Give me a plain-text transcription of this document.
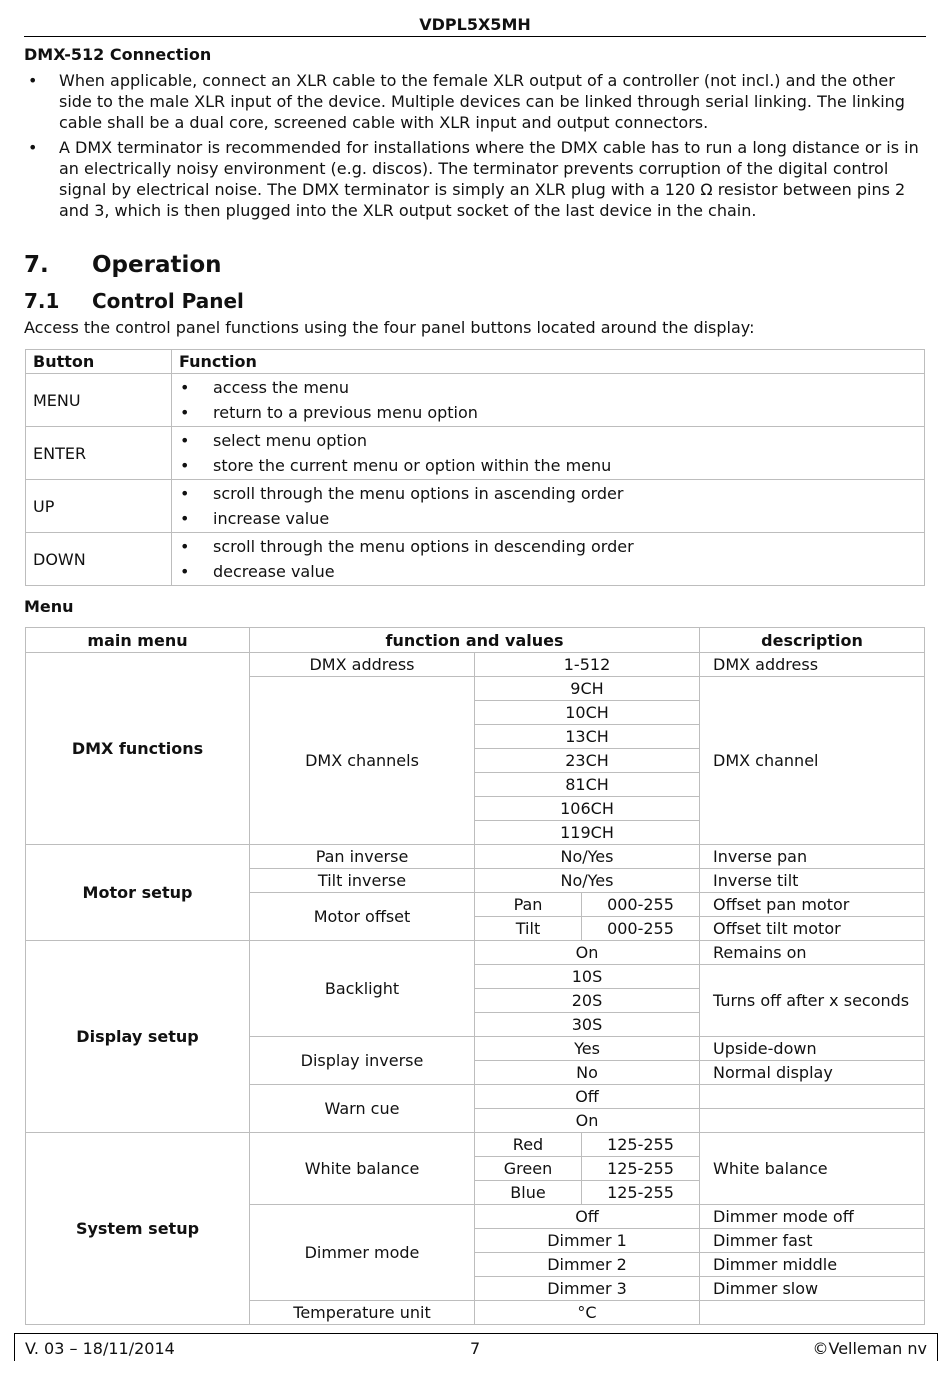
VDPL5X5MH
DMX-512 Connection
• When applicable, connect an XLR cable to the female XLR output of a controller (not incl.) and the other side to the male XLR input of the device. Multiple devices can be linked through serial linking. The linking cable shall be a dual core, screened cable with XLR input and output connectors.
• A DMX terminator is recommended for installations where the DMX cable has to run a long distance or is in an electrically noisy environment (e.g. discos). The terminator prevents corruption of the digital control signal by electrical noise. The DMX terminator is simply an XLR plug with a 120 Ω resistor between pins 2 and 3, which is then plugged into the XLR output socket of the last device in the chain.
7. Operation
7.1 Control Panel
Access the control panel functions using the four panel buttons located around the display:
Button	Function
MENU	• access the menu
• return to a previous menu option

ENTER	• select menu option
• store the current menu or option within the menu

UP	• scroll through the menu options in ascending order
• increase value

DOWN	• scroll through the menu options in descending order
• decrease value
Menu
main menu	function and values			description
DMX functions	DMX address	1-512		DMX address
	DMX channels	9CH		DMX channel
		10CH		
		13CH		
		23CH		
		81CH		
		106CH		
		119CH		
Motor setup	Pan inverse	No/Yes		Inverse pan
	Tilt inverse	No/Yes		Inverse tilt
	Motor offset	Pan	000-255	Offset pan motor
		Tilt	000-255	Offset tilt motor
Display setup	Backlight	On		Remains on
		10S		Turns off after x seconds
		20S		
		30S		
	Display inverse	Yes		Upside-down
		No		Normal display
	Warn cue	Off		
		On		
System setup	White balance	Red	125-255	White balance
		Green	125-255	
		Blue	125-255	
	Dimmer mode	Off		Dimmer mode off
		Dimmer 1		Dimmer fast
		Dimmer 2		Dimmer middle
		Dimmer 3		Dimmer slow
	Temperature unit	°C		
V. 03 – 18/11/2014	7	©Velleman nv
